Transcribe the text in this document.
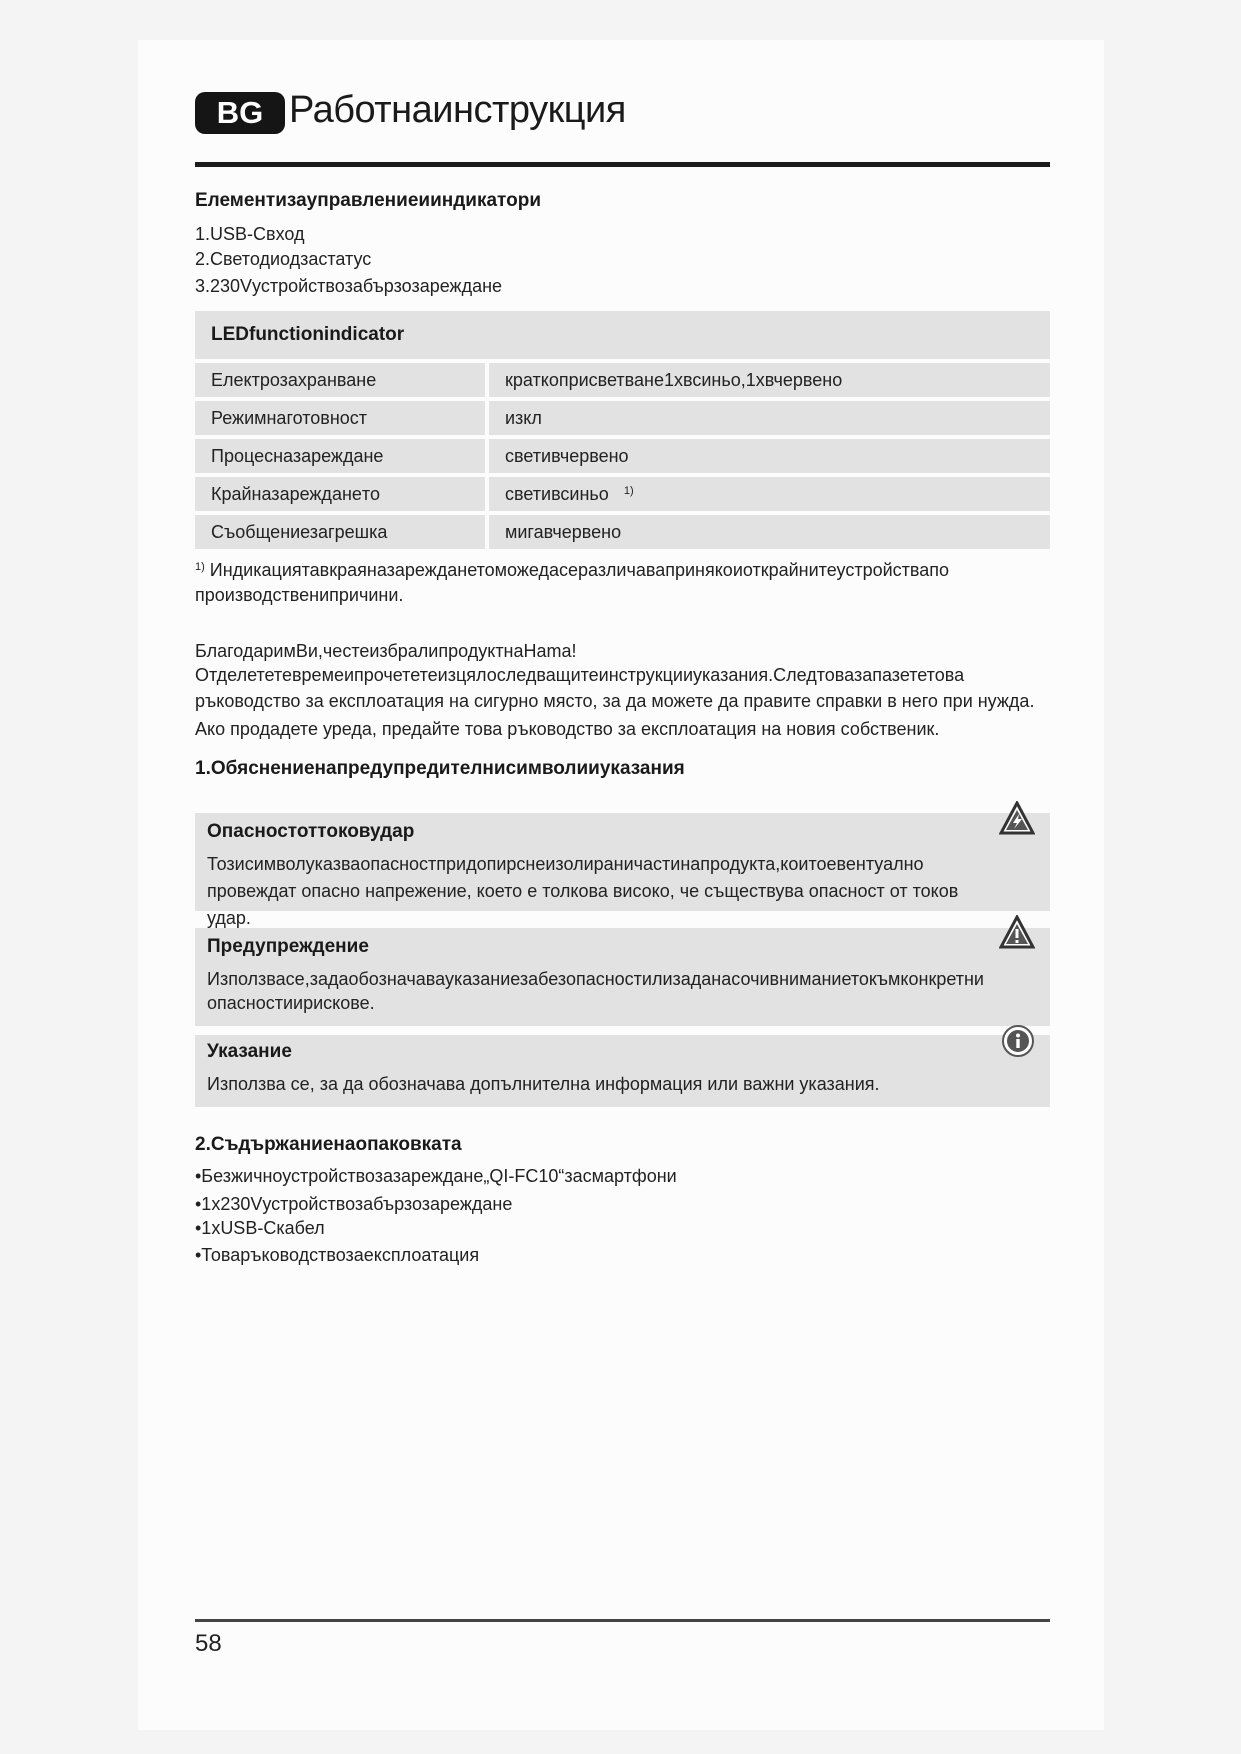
BG Работнаинструкция
Елементизауправлениеииндикатори
1.USB-Свход
2.Светодиодзастатус
3.230Vустройствозабързозареждане
LEDfunctionindicator	
Електрозахранване	краткоприсветване1хвсиньо,1хвчервено
Режимнаготовност	изкл
Процесназареждане	светивчервено
Крайназарежданeто	светивсиньо $^{1)}$
Съобщениезагрешка	мигавчервено
$^{1)}$ Индикациятавкраяназарежданетоможедасеразличавапринякоиоткрайнитеустройствапо
производственипричини.
БлагодаримВи,честеизбралипродуктнаHama!
Отделететевремеипрочететеизцялоследващитеинструкцииуказания.Следтовазапазететова
ръководство за експлоатация на сигурно място, за да можете да правите справки в него при нужда.
Ако продадете уреда, предайте това ръководство за експлоатация на новия собственик.
1.Обяснениенапредупредителнисимволииуказания
Опасностоттоковудар
Тозисимволуказваопасностпридопирснеизолираничастинапродукта,коитоевентуално
провеждат опасно напрежение, което е толкова високо, че съществува опасност от токов удар.
Предупреждение
Използвасе,задаобозначавауказаниезабезопасностилизаданасочивниманиетокъмконкретни
опасностиирискове.
Указание
Използва се, за да обозначава допълнителна информация или важни указания.
2.Съдържаниенаопаковката
•Безжичноустройствозазареждане„QI-FC10“засмартфони
•1x230Vустройствозабързозареждане
•1xUSB-Скабел
•Товаръководствозаексплоатация
58
